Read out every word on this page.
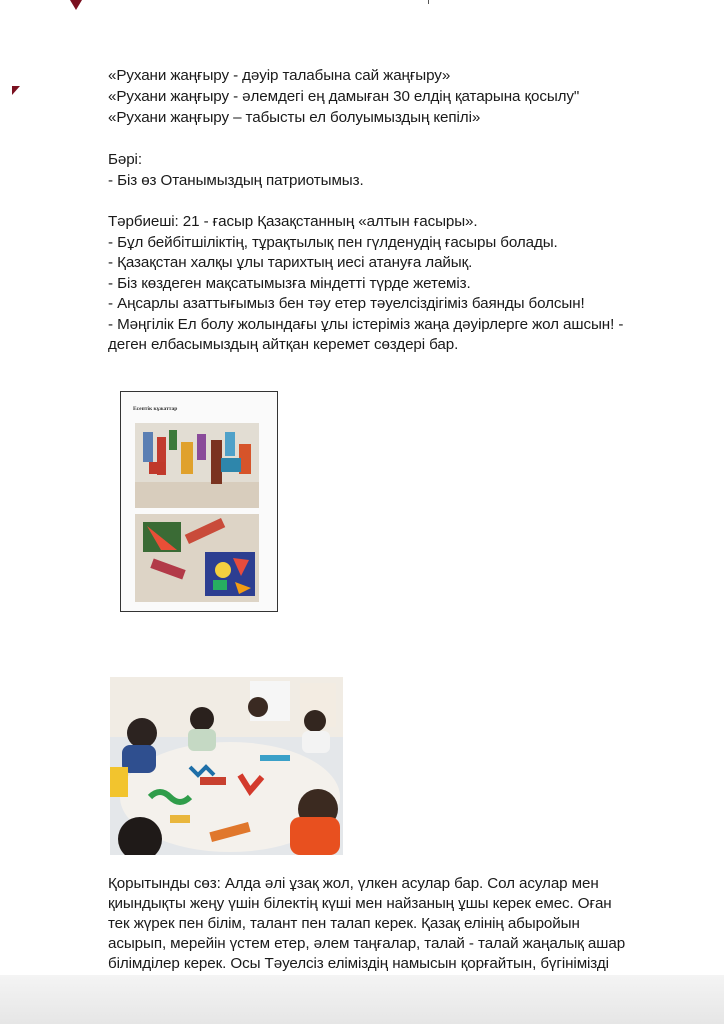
«Рухани жаңғыру - дәуір талабына сай жаңғыру»
«Рухани жаңғыру - әлемдегі ең дамыған 30 елдің қатарына қосылу"
«Рухани жаңғыру – табысты ел болуымыздың кепілі»
Бәрі:
- Біз өз Отанымыздың патриотымыз.
Тәрбиеші: 21 - ғасыр Қазақстанның «алтын ғасыры».
- Бұл бейбітшіліктің, тұрақтылық пен гүлденудің ғасыры болады.
- Қазақстан халқы ұлы тарихтың иесі атануға лайық.
- Біз көздеген мақсатымызға міндетті түрде жетеміз.
- Аңсарлы азаттығымыз бен тәу етер тәуелсіздігіміз баянды болсын!
- Мәңгілік Ел болу жолындағы ұлы істеріміз жаңа дәуірлерге жол ашсын! -
деген елбасымыздың айтқан керемет сөздері бар.
Есептік кұжаттар
Қорытынды сөз: Алда әлі ұзақ жол, үлкен асулар бар. Сол асулар мен
қиындықты жеңу үшін білектің күші мен найзаның ұшы керек емес. Оған
тек жүрек пен білім, талант пен талап керек. Қазақ елінің абыройын
асырып, мерейін үстем етер, әлем таңғалар, талай - талай жаңалық ашар
білімділер керек. Осы Тәуелсіз еліміздің намысын қорғайтын, бүгінімізді
